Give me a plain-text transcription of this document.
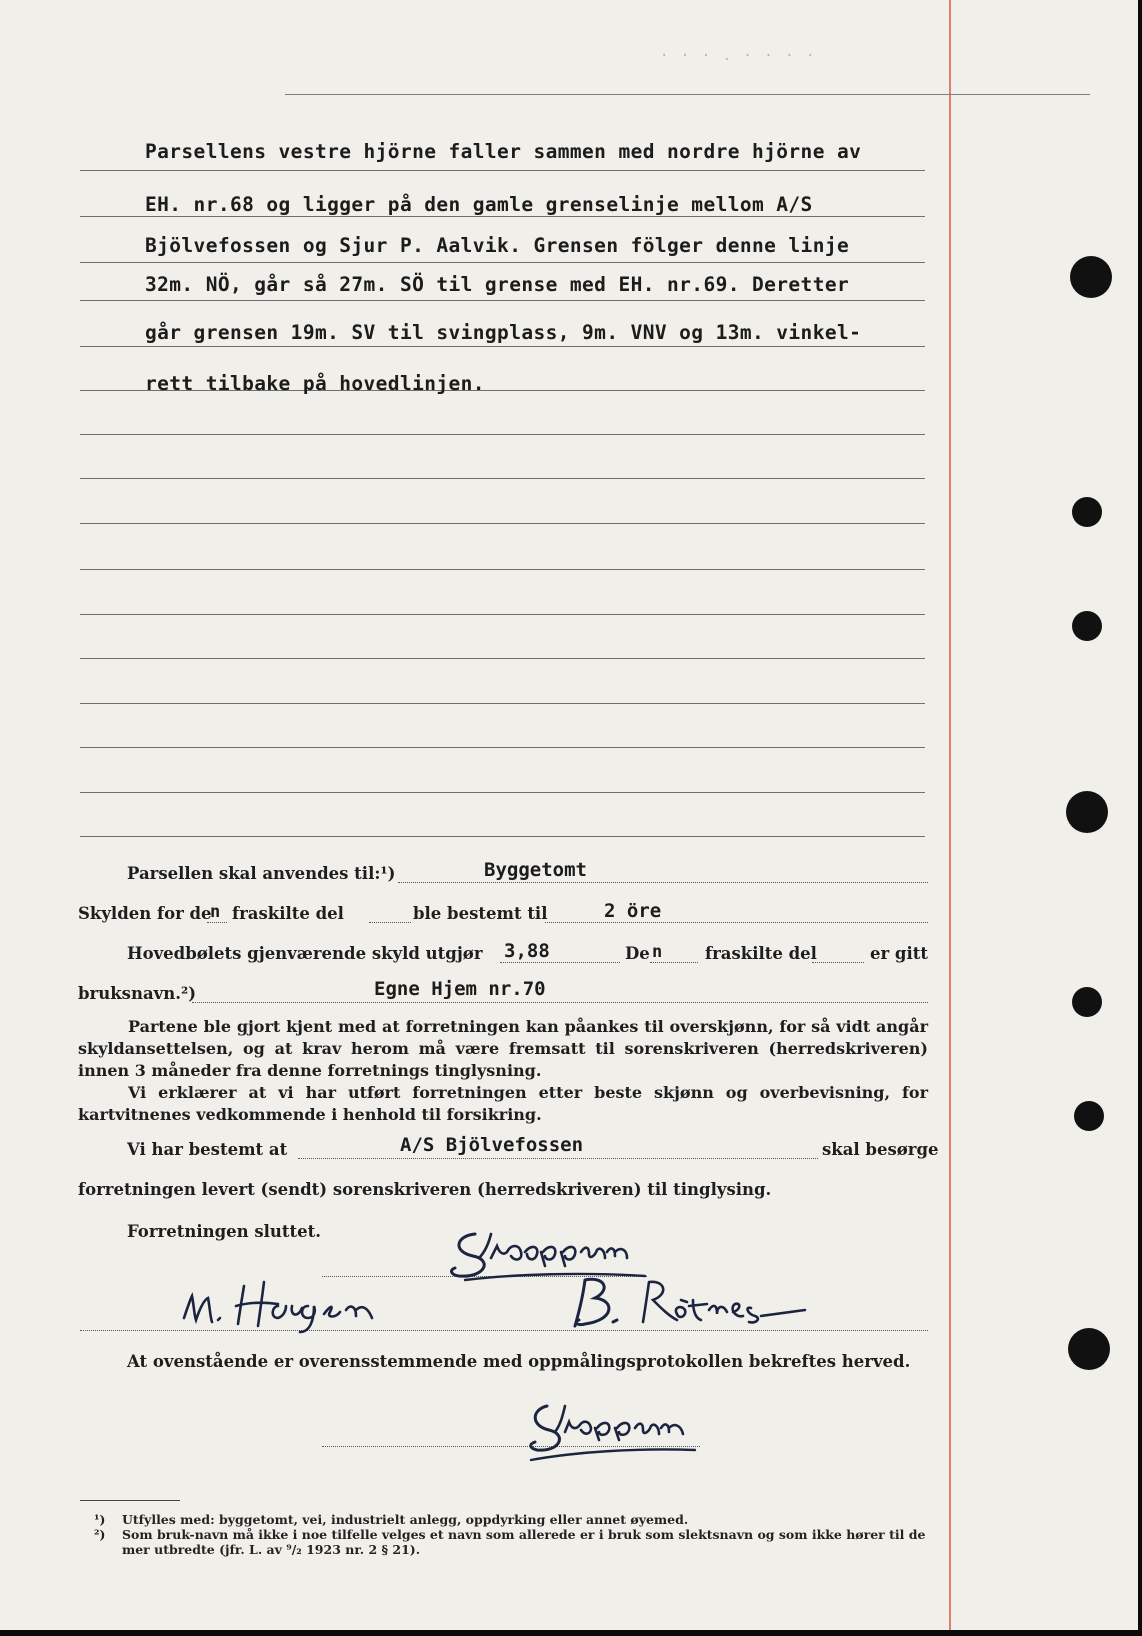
· · · . · · · ·
Parsellens vestre hjörne faller sammen med nordre hjörne av
EH. nr.68 og ligger på den gamle grenselinje mellom A/S
Bjölvefossen og Sjur P. Aalvik. Grensen fölger denne linje
32m. NÖ, går så 27m. SÖ til grense med EH. nr.69. Deretter
går grensen 19m. SV til svingplass, 9m. VNV og 13m. vinkel-
rett tilbake på hovedlinjen.
Parsellen skal anvendes til:¹)	Byggetomt
Skylden for de
n fraskilte del	ble bestemt til	2 öre
Hovedbølets gjenværende skyld utgjør 3,88	De n	fraskilte del	er gitt
bruksnavn.²)	Egne Hjem nr.70

Partene ble gjort kjent med at forretningen kan påankes til overskjønn, for så vidt angår skyldansettelsen, og at krav herom må være fremsatt til sorenskriveren (herredskriveren) innen 3 måneder fra denne forretnings tinglysning.

Vi erklærer at vi har utført forretningen etter beste skjønn og overbevisning, for kartvitnenes vedkommende i henhold til forsikring.

Vi har bestemt at	A/S Bjölvefossen	skal besørge
forretningen levert (sendt) sorenskriveren (herredskriveren) til tinglysing.
Forretningen sluttet.
At ovenstående er overensstemmende med oppmålingsprotokollen bekreftes herved.
¹) Utfylles med: byggetomt, vei, industrielt anlegg, oppdyrking eller annet øyemed.
²) Som bruk-navn må ikke i noe tilfelle velges et navn som allerede er i bruk som slektsnavn og som ikke hører til de mer utbredte (jfr. L. av ⁹/₂ 1923 nr. 2 § 21).
